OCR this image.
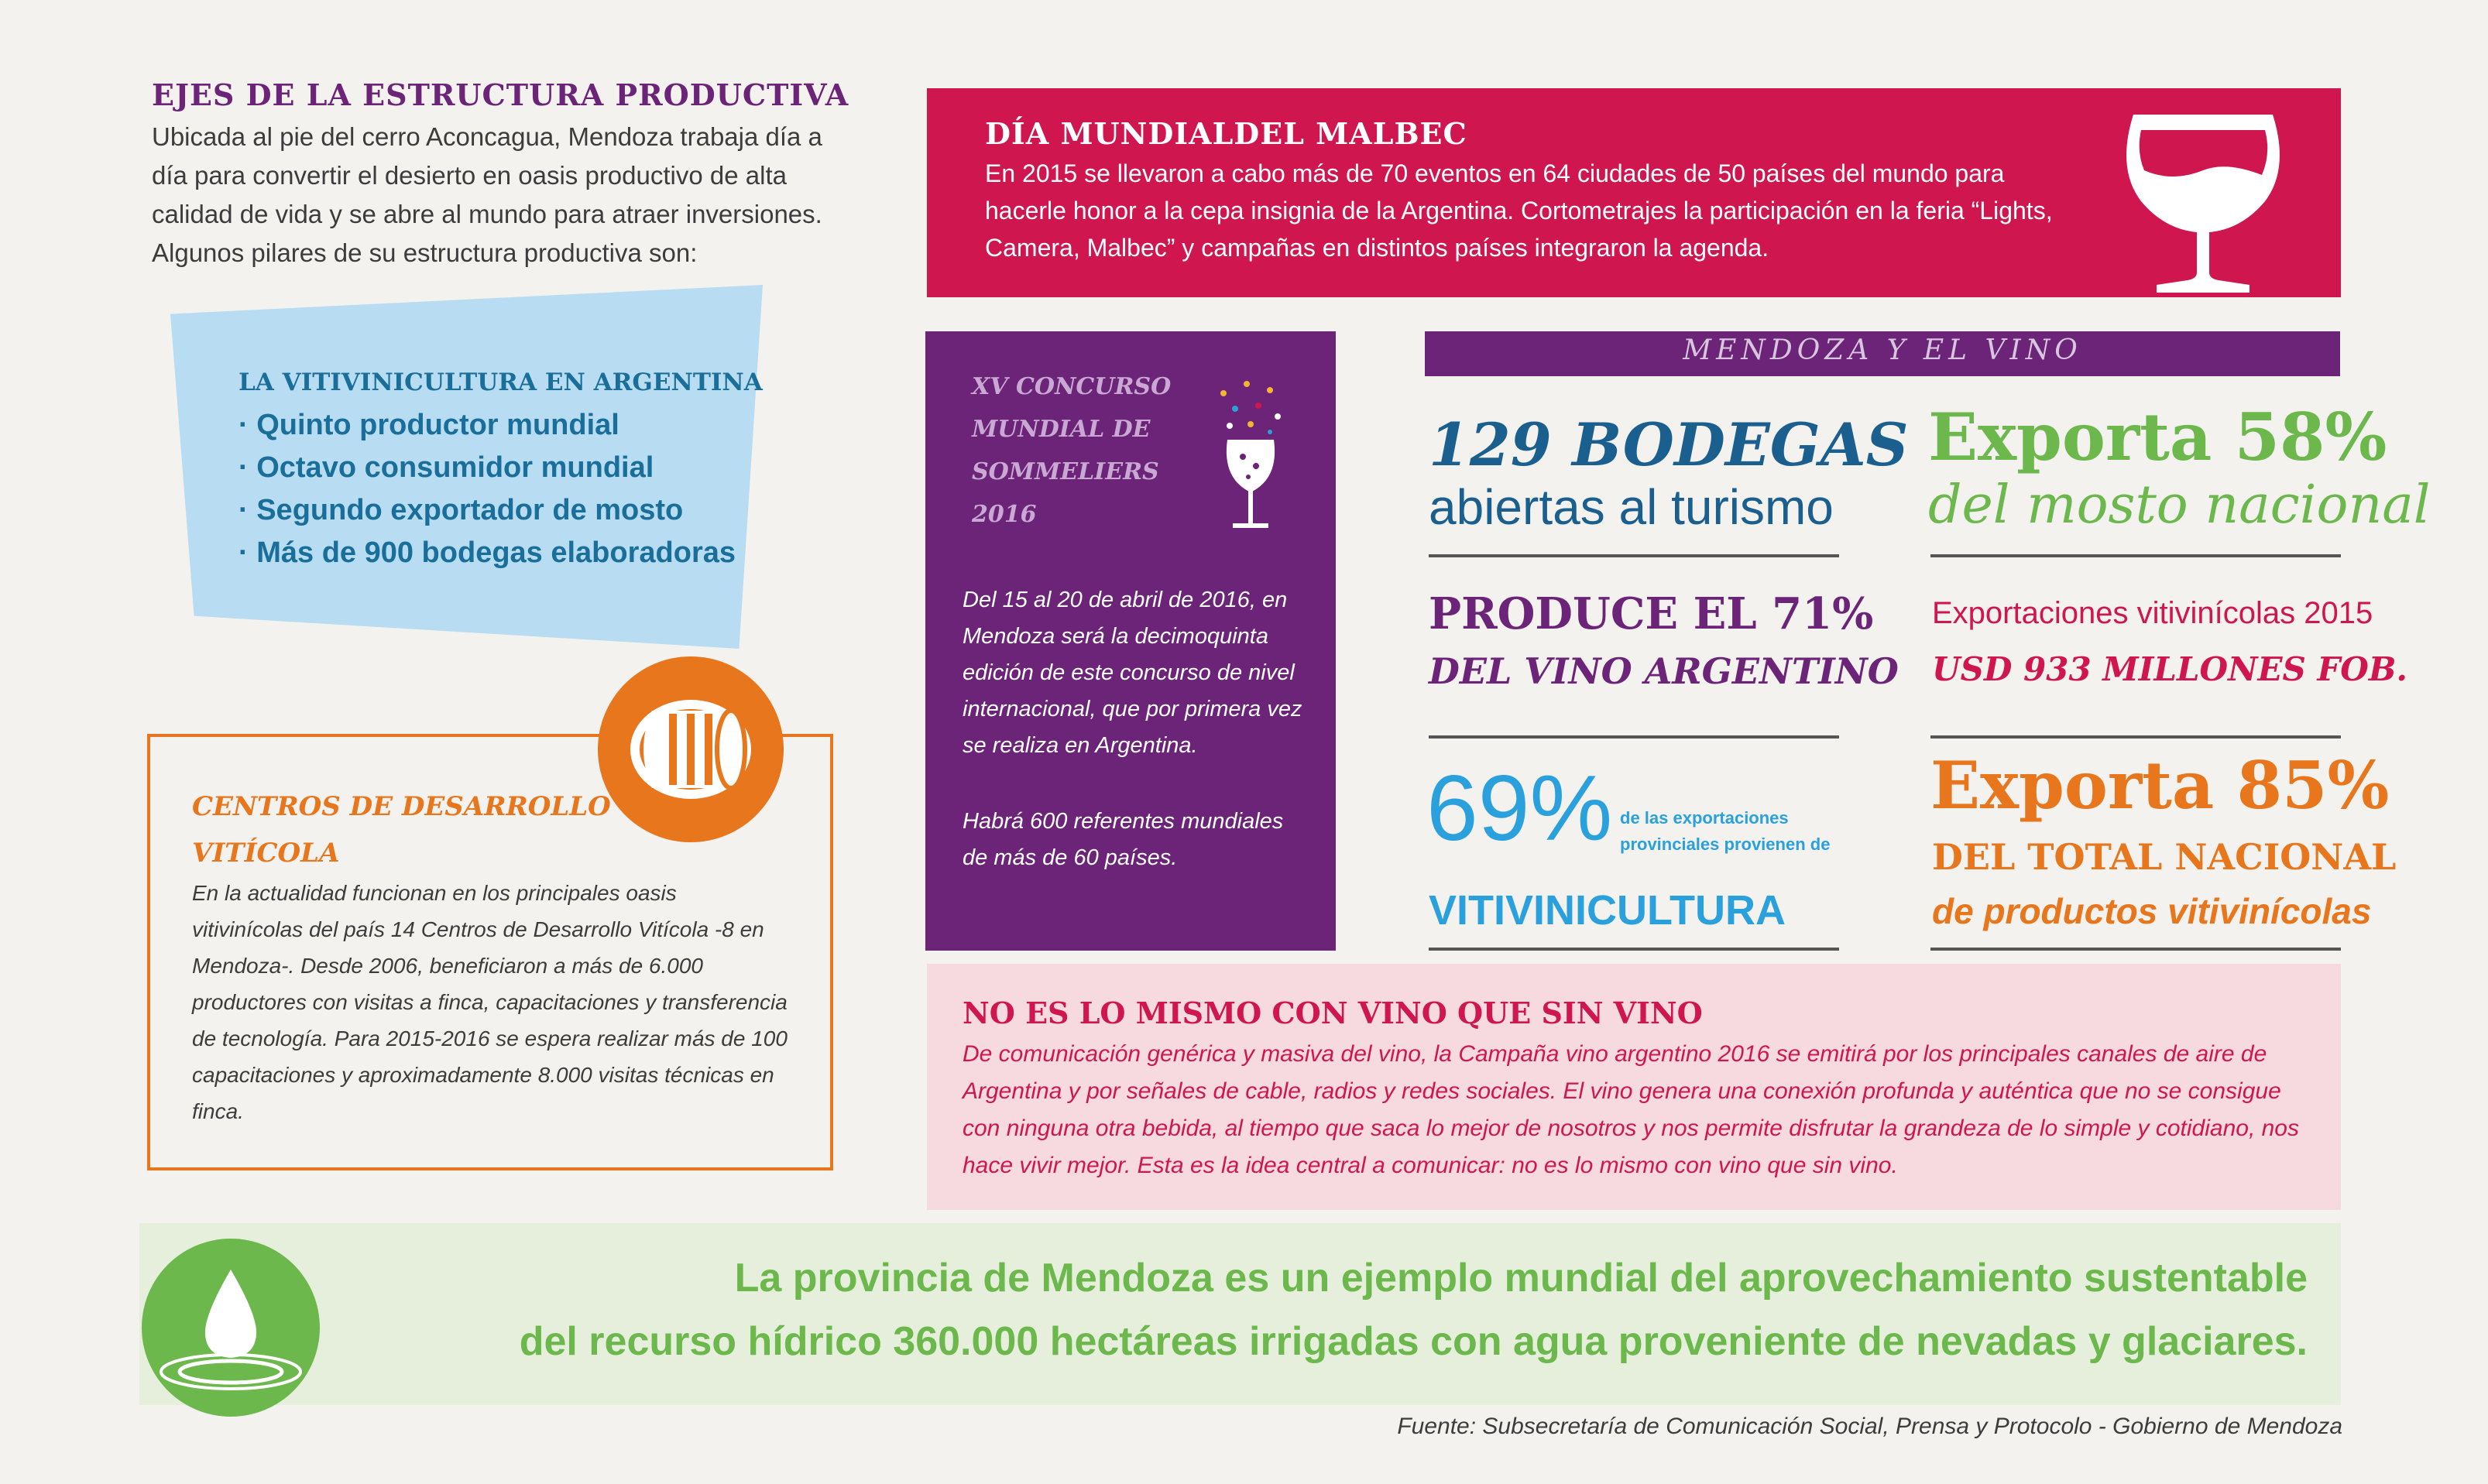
EJES DE LA ESTRUCTURA PRODUCTIVA
Ubicada al pie del cerro Aconcagua, Mendoza trabaja día a día para convertir el desierto en oasis productivo de alta calidad de vida y se abre al mundo para atraer inversiones. Algunos pilares de su estructura productiva son:
LA VITIVINICULTURA EN ARGENTINA
· Quinto productor mundial
· Octavo consumidor mundial
· Segundo exportador de mosto
· Más de 900 bodegas elaboradoras
CENTROS DE DESARROLLO VITÍCOLA
En la actualidad funcionan en los principales oasis vitivinícolas del país 14 Centros de Desarrollo Vitícola -8 en Mendoza-. Desde 2006, beneficiaron a más de 6.000 productores con visitas a finca, capacitaciones y transferencia de tecnología. Para 2015-2016 se espera realizar más de 100 capacitaciones y aproximadamente 8.000 visitas técnicas en finca.
DÍA MUNDIALDEL MALBEC
En 2015 se llevaron a cabo más de 70 eventos en 64 ciudades de 50 países del mundo para hacerle honor a la cepa insignia de la Argentina. Cortometrajes la participación en la feria “Lights, Camera, Malbec” y campañas en distintos países integraron la agenda.
XV CONCURSO MUNDIAL DE SOMMELIERS 2016
Del 15 al 20 de abril de 2016, en Mendoza será la decimoquinta edición de este concurso de nivel internacional, que por primera vez se realiza en Argentina.
Habrá 600 referentes mundiales de más de 60 países.
MENDOZA Y EL VINO
129 BODEGAS
abiertas al turismo
Exporta 58%
del mosto nacional
PRODUCE EL 71%
DEL VINO ARGENTINO
Exportaciones vitivinícolas 2015
USD 933 MILLONES FOB.
69% de las exportaciones provinciales provienen de
VITIVINICULTURA
Exporta 85%
DEL TOTAL NACIONAL
de productos vitivinícolas
NO ES LO MISMO CON VINO QUE SIN VINO
De comunicación genérica y masiva del vino, la Campaña vino argentino 2016 se emitirá por los principales canales de aire de Argentina y por señales de cable, radios y redes sociales. El vino genera una conexión profunda y auténtica que no se consigue con ninguna otra bebida, al tiempo que saca lo mejor de nosotros y nos permite disfrutar la grandeza de lo simple y cotidiano, nos hace vivir mejor. Esta es la idea central a comunicar: no es lo mismo con vino que sin vino.
La provincia de Mendoza es un ejemplo mundial del aprovechamiento sustentable
del recurso hídrico 360.000 hectáreas irrigadas con agua proveniente de nevadas y glaciares.
Fuente: Subsecretaría de Comunicación Social, Prensa y Protocolo - Gobierno de Mendoza
